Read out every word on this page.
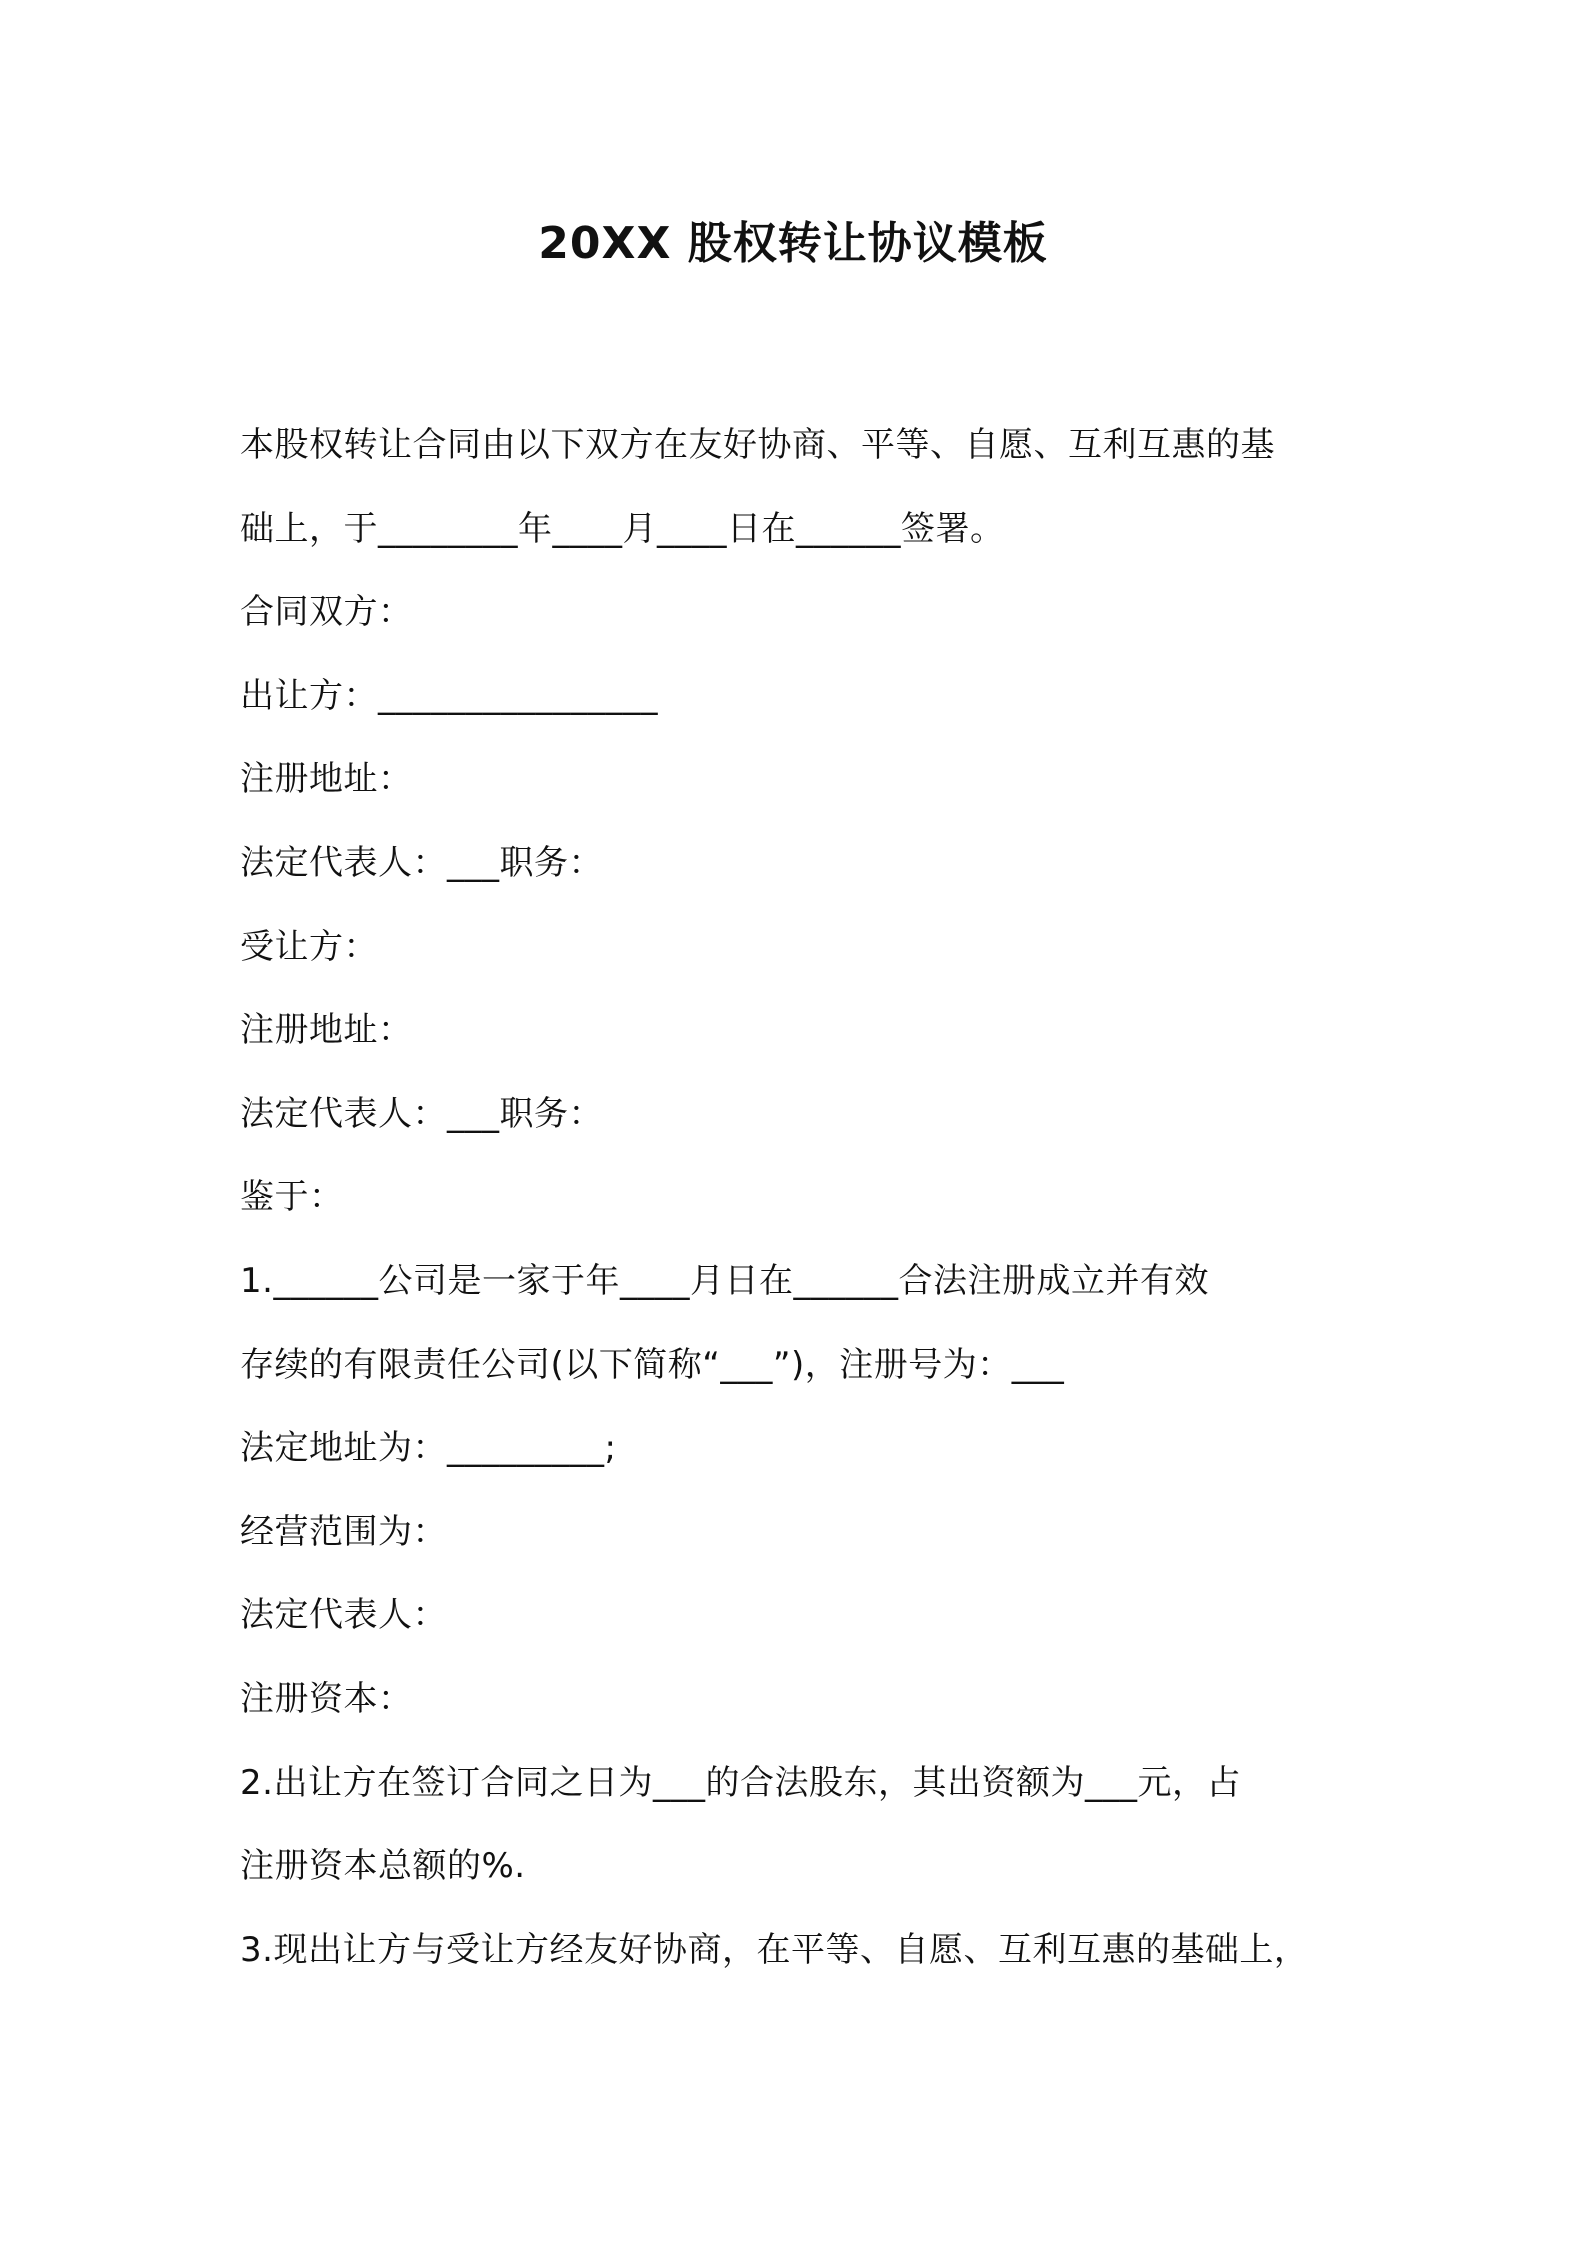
20XX 股权转让协议模板
本股权转让合同由以下双方在友好协商、平等、自愿、互利互惠的基
础上，于________年____月____日在______签署。
合同双方：
出让方：________________
注册地址：
法定代表人：___职务：
受让方：
注册地址：
法定代表人：___职务：
鉴于：
1.______公司是一家于年____月日在______合法注册成立并有效
存续的有限责任公司(以下简称“___”)，注册号为：___
法定地址为：_________;
经营范围为：
法定代表人：
注册资本：
2.出让方在签订合同之日为___的合法股东，其出资额为___元，占
注册资本总额的%.
3.现出让方与受让方经友好协商，在平等、自愿、互利互惠的基础上，
